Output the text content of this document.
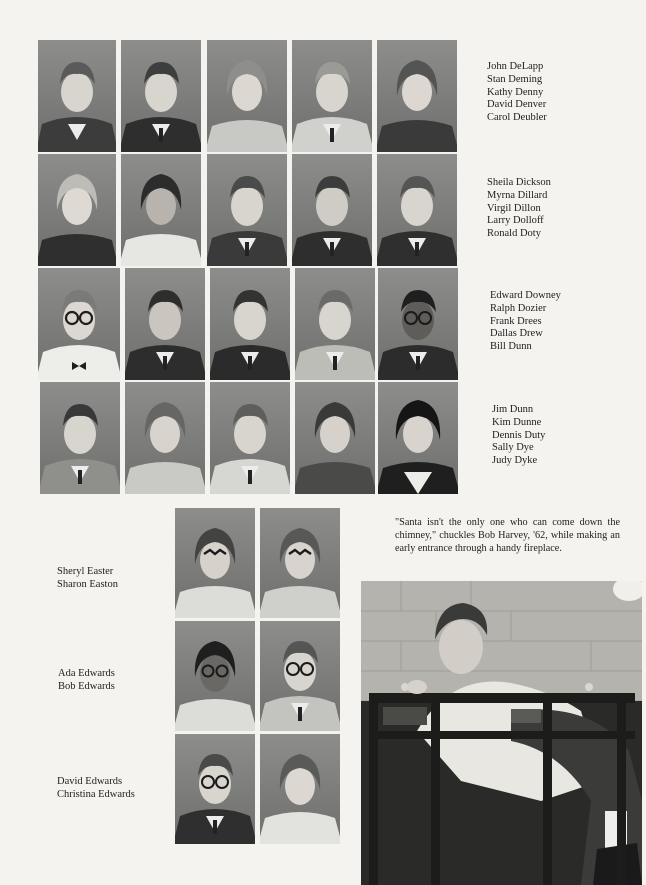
John DeLapp
Stan Deming
Kathy Denny
David Denver
Carol Deubler
Sheila Dickson
Myrna Dillard
Virgil Dillon
Larry Dolloff
Ronald Doty
Edward Downey
Ralph Dozier
Frank Drees
Dallas Drew
Bill Dunn
Jim Dunn
Kim Dunne
Dennis Duty
Sally Dye
Judy Dyke
Sheryl Easter
Sharon Easton
Ada Edwards
Bob Edwards
David Edwards
Christina Edwards
"Santa isn't the only one who can come down the chimney," chuckles Bob Harvey, '62, while making an early entrance through a handy fireplace.
